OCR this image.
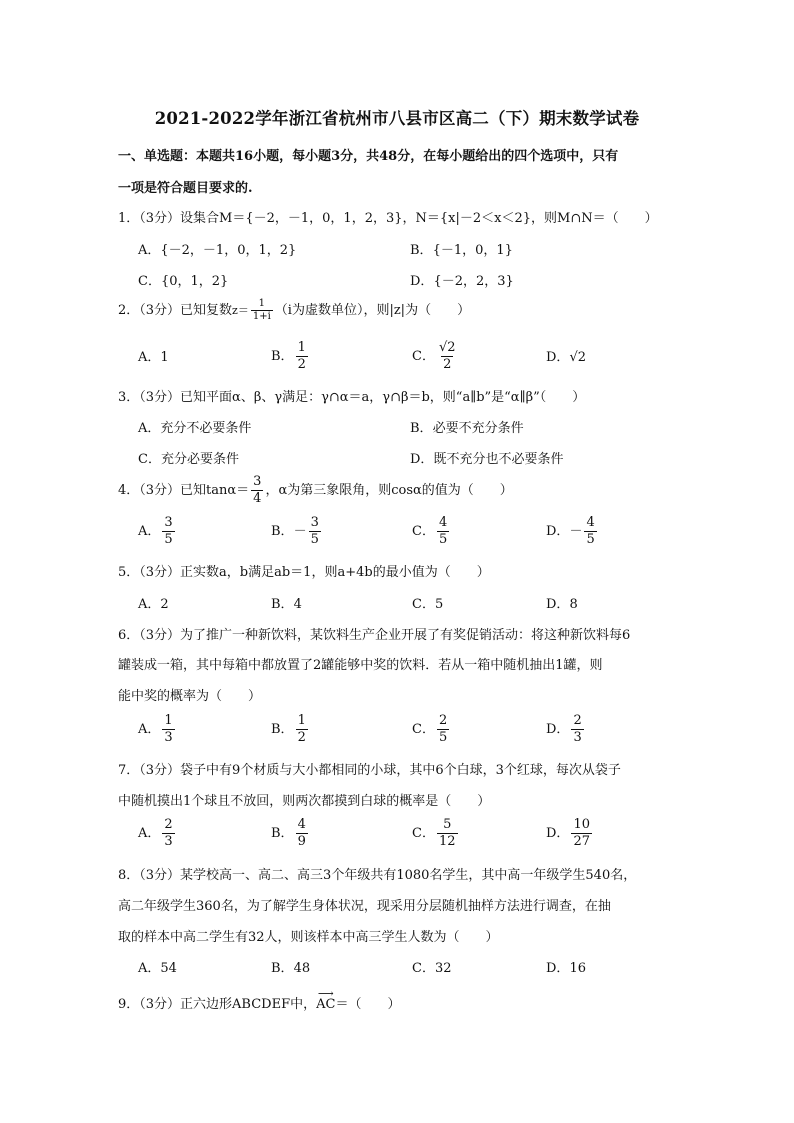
2021-2022学年浙江省杭州市八县市区高二（下）期末数学试卷
一、单选题：本题共16小题，每小题3分，共48分，在每小题给出的四个选项中，只有
一项是符合题目要求的.
1．（3分）设集合M＝{－2，－1，0，1，2，3}，N＝{x|－2＜x＜2}，则M∩N＝（　　）
A．{－2，－1，0，1，2}	B．{－1，0，1}
C．{0，1，2}	D．{－2，2，3}
2．（3分）已知复数$z= \frac{1}{1+i} (i$为虚数单位），则|z|为（　　）
A．1	B． $\frac{1}{2}$	C． $\frac{√2}{2}$	D．√2
3．（3分）已知平面α、β、γ满足：γ∩α＝a，γ∩β＝b，则“a∥b”是“α∥β”（　　）
A．充分不必要条件	B．必要不充分条件
C．充分必要条件	D．既不充分也不必要条件
4．（3分）已知$\tan\alpha= \frac{3}{4}$ ，α为第三象限角，则cosα的值为（　　）
A． $\frac{3}{5}$	B．－ $\frac{3}{5}$	C． $\frac{4}{5}$	D．－ $\frac{4}{5}$
5．（3分）正实数a，b满足ab＝1，则a+4b的最小值为（　　）
A．2	B．4	C．5	D．8
6．（3分）为了推广一种新饮料，某饮料生产企业开展了有奖促销活动：将这种新饮料每6
罐装成一箱，其中每箱中都放置了2罐能够中奖的饮料．若从一箱中随机抽出1罐，则
能中奖的概率为（　　）
A． $\frac{1}{3}$	B． $\frac{1}{2}$	C． $\frac{2}{5}$	D． $\frac{2}{3}$
7．（3分）袋子中有9个材质与大小都相同的小球，其中6个白球，3个红球，每次从袋子
中随机摸出1个球且不放回，则两次都摸到白球的概率是（　　）
A． $\frac{2}{3}$	B． $\frac{4}{9}$	C． $\frac{5}{12}$	D． $\frac{10}{27}$
8．（3分）某学校高一、高二、高三3个年级共有1080名学生，其中高一年级学生540名，
高二年级学生360名，为了解学生身体状况，现采用分层随机抽样方法进行调查，在抽
取的样本中高二学生有32人，则该样本中高三学生人数为（　　）
A．54	B．48	C．32	D．16
9．（3分）正六边形ABCDEF中，
⟶
AC＝（　　）
